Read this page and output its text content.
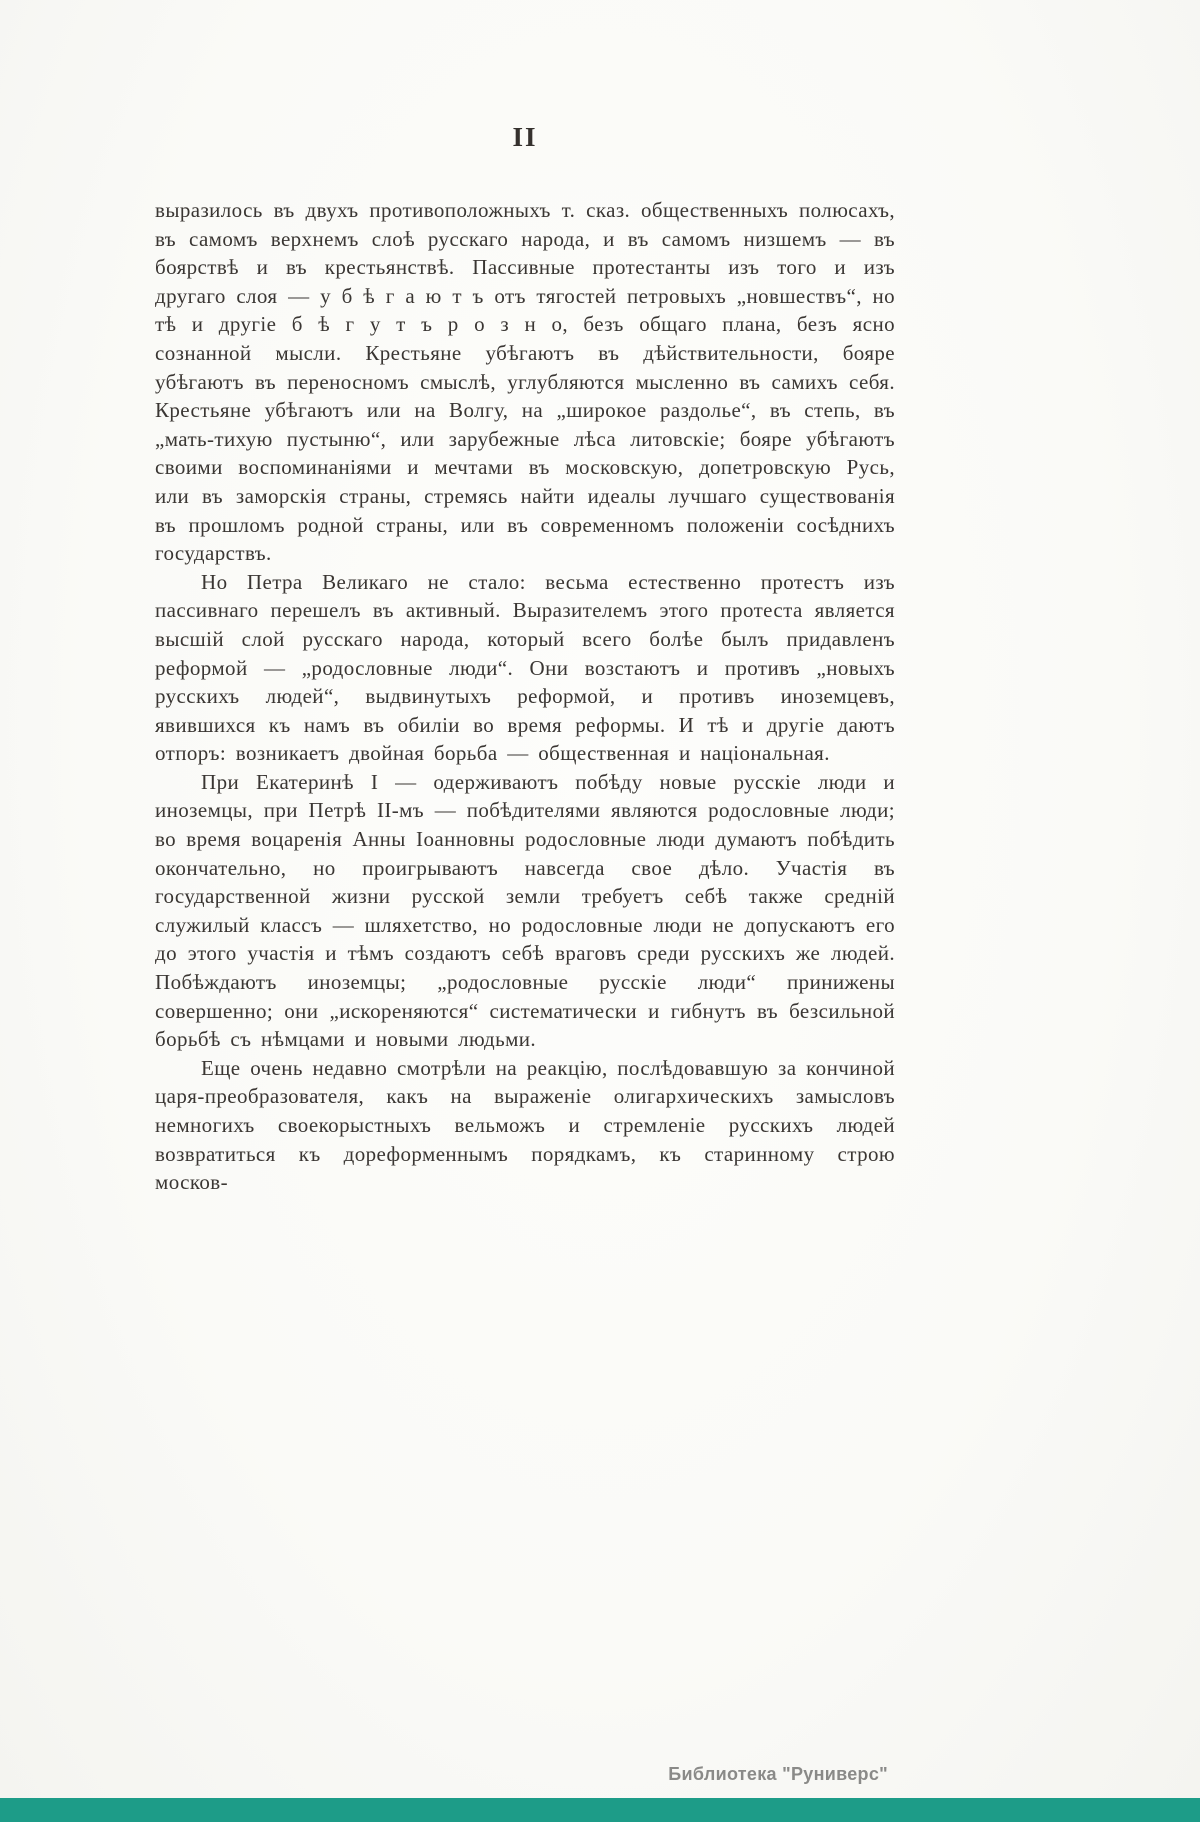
II

выразилось въ двухъ противоположныхъ т. сказ. общественныхъ полюсахъ, въ самомъ верхнемъ слоѣ русскаго народа, и въ самомъ низшемъ — въ боярствѣ и въ крестьянствѣ. Пассивные протестанты изъ того и изъ другаго слоя — у б ѣ г а ю т ъ отъ тягостей петровыхъ „новшествъ“, но тѣ и другіе б ѣ г у т ъ р о з н о, безъ общаго плана, безъ ясно сознанной мысли. Крестьяне убѣгаютъ въ дѣйствительности, бояре убѣгаютъ въ переносномъ смыслѣ, углубляются мысленно въ самихъ себя. Крестьяне убѣгаютъ или на Волгу, на „широкое раздолье“, въ степь, въ „мать-тихую пустыню“, или зарубежные лѣса литовскіе; бояре убѣгаютъ своими воспоминаніями и мечтами въ московскую, допетровскую Русь, или въ заморскія страны, стремясь найти идеалы лучшаго существованія въ прошломъ родной страны, или въ современномъ положеніи сосѣднихъ государствъ.

Но Петра Великаго не стало: весьма естественно протестъ изъ пассивнаго перешелъ въ активный. Выразителемъ этого протеста является высшій слой русскаго народа, который всего болѣе былъ придавленъ реформой — „родословные люди“. Они возстаютъ и противъ „новыхъ русскихъ людей“, выдвинутыхъ реформой, и противъ иноземцевъ, явившихся къ намъ въ обиліи во время реформы. И тѣ и другіе даютъ отпоръ: возникаетъ двойная борьба — общественная и національная.

При Екатеринѣ I — одерживаютъ побѣду новые русскіе люди и иноземцы, при Петрѣ II-мъ — побѣдителями являются родословные люди; во время воцаренія Анны Іоанновны родословные люди думаютъ побѣдить окончательно, но проигрываютъ навсегда свое дѣло. Участія въ государственной жизни русской земли требуетъ себѣ также средній служилый классъ — шляхетство, но родословные люди не допускаютъ его до этого участія и тѣмъ создаютъ себѣ враговъ среди русскихъ же людей. Побѣждаютъ иноземцы; „родословные русскіе люди“ принижены совершенно; они „искореняются“ систематически и гибнутъ въ безсильной борьбѣ съ нѣмцами и новыми людьми.

Еще очень недавно смотрѣли на реакцію, послѣдовавшую за кончиной царя-преобразователя, какъ на выраженіе олигархическихъ замысловъ немногихъ своекорыстныхъ вельможъ и стремленіе русскихъ людей возвратиться къ дореформеннымъ порядкамъ, къ старинному строю москов-

Библиотека "Руниверс"
